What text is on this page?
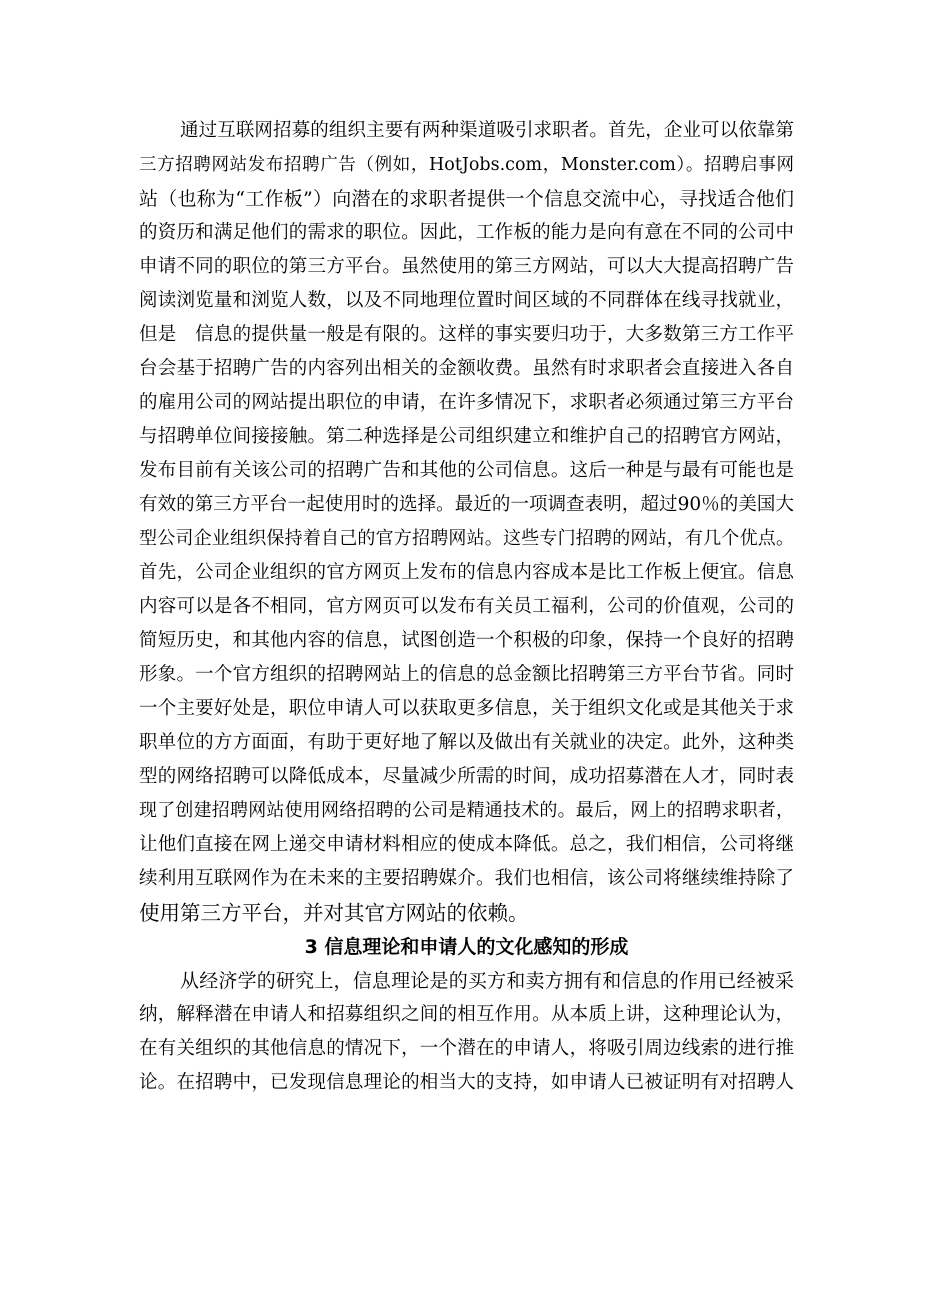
通过互联网招募的组织主要有两种渠道吸引求职者。首先，企业可以依靠第
三方招聘网站发布招聘广告（例如，HotJobs.com，Monster.com）。招聘启事网
站（也称为“工作板”）向潜在的求职者提供一个信息交流中心，寻找适合他们
的资历和满足他们的需求的职位。因此，工作板的能力是向有意在不同的公司中
申请不同的职位的第三方平台。虽然使用的第三方网站，可以大大提高招聘广告
阅读浏览量和浏览人数，以及不同地理位置时间区域的不同群体在线寻找就业，
但是　信息的提供量一般是有限的。这样的事实要归功于，大多数第三方工作平
台会基于招聘广告的内容列出相关的金额收费。虽然有时求职者会直接进入各自
的雇用公司的网站提出职位的申请，在许多情况下，求职者必须通过第三方平台
与招聘单位间接接触。第二种选择是公司组织建立和维护自己的招聘官方网站，
发布目前有关该公司的招聘广告和其他的公司信息。这后一种是与最有可能也是
有效的第三方平台一起使用时的选择。最近的一项调查表明，超过90％的美国大
型公司企业组织保持着自己的官方招聘网站。这些专门招聘的网站，有几个优点。
首先，公司企业组织的官方网页上发布的信息内容成本是比工作板上便宜。信息
内容可以是各不相同，官方网页可以发布有关员工福利，公司的价值观，公司的
简短历史，和其他内容的信息，试图创造一个积极的印象，保持一个良好的招聘
形象。一个官方组织的招聘网站上的信息的总金额比招聘第三方平台节省。同时
一个主要好处是，职位申请人可以获取更多信息，关于组织文化或是其他关于求
职单位的方方面面，有助于更好地了解以及做出有关就业的决定。此外，这种类
型的网络招聘可以降低成本，尽量减少所需的时间，成功招募潜在人才，同时表
现了创建招聘网站使用网络招聘的公司是精通技术的。最后，网上的招聘求职者，
让他们直接在网上递交申请材料相应的使成本降低。总之，我们相信，公司将继
续利用互联网作为在未来的主要招聘媒介。我们也相信，该公司将继续维持除了
使用第三方平台，并对其官方网站的依赖。
3 信息理论和申请人的文化感知的形成
从经济学的研究上，信息理论是的买方和卖方拥有和信息的作用已经被采
纳，解释潜在申请人和招募组织之间的相互作用。从本质上讲，这种理论认为，
在有关组织的其他信息的情况下，一个潜在的申请人，将吸引周边线索的进行推
论。在招聘中，已发现信息理论的相当大的支持，如申请人已被证明有对招聘人
